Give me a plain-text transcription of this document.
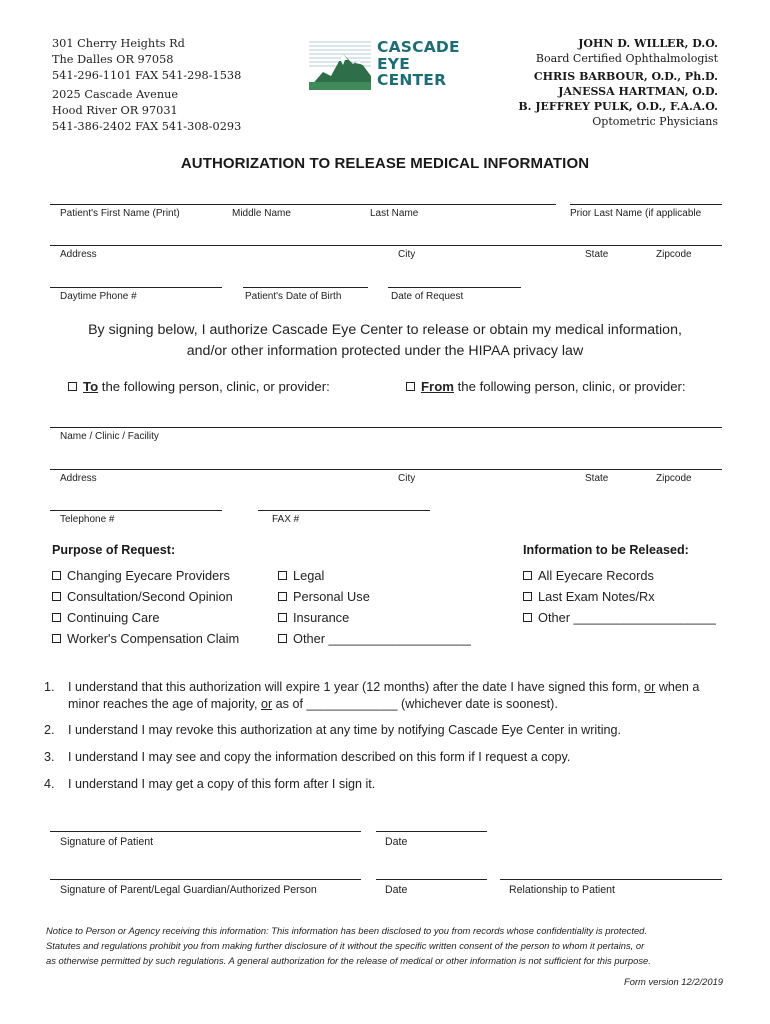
301 Cherry Heights Rd
The Dalles OR 97058
541-296-1101 FAX 541-298-1538
2025 Cascade Avenue
Hood River OR 97031
541-386-2402 FAX 541-308-0293
CASCADE
EYE
CENTER
JOHN D. WILLER, D.O.
Board Certified Ophthalmologist
CHRIS BARBOUR, O.D., Ph.D.
JANESSA HARTMAN, O.D.
B. JEFFREY PULK, O.D., F.A.A.O.
Optometric Physicians
AUTHORIZATION TO RELEASE MEDICAL INFORMATION
Patient's First Name (Print)	Middle Name	Last Name	Prior Last Name (if applicable
Address	City	State	Zipcode
Daytime Phone #	Patient's Date of Birth	Date of Request
By signing below, I authorize Cascade Eye Center to release or obtain my medical information,
and/or other information protected under the HIPAA privacy law
To the following person, clinic, or provider:	From the following person, clinic, or provider:
Name / Clinic / Facility
Address	City	State	Zipcode
Telephone #	FAX #
Purpose of Request:	Information to be Released:
Changing Eyecare Providers
Consultation/Second Opinion
Continuing Care
Worker's Compensation Claim
Legal
Personal Use
Insurance
Other ____________________
All Eyecare Records
Last Exam Notes/Rx
Other ____________________
1. I understand that this authorization will expire 1 year (12 months) after the date I have signed this form, or when a
minor reaches the age of majority, or as of _____________ (whichever date is soonest).
2. I understand I may revoke this authorization at any time by notifying Cascade Eye Center in writing.
3. I understand I may see and copy the information described on this form if I request a copy.
4. I understand I may get a copy of this form after I sign it.
Signature of Patient	Date
Signature of Parent/Legal Guardian/Authorized Person	Date	Relationship to Patient
Notice to Person or Agency receiving this information: This information has been disclosed to you from records whose confidentiality is protected.
Statutes and regulations prohibit you from making further disclosure of it without the specific written consent of the person to whom it pertains, or
as otherwise permitted by such regulations. A general authorization for the release of medical or other information is not sufficient for this purpose.
Form version 12/2/2019
